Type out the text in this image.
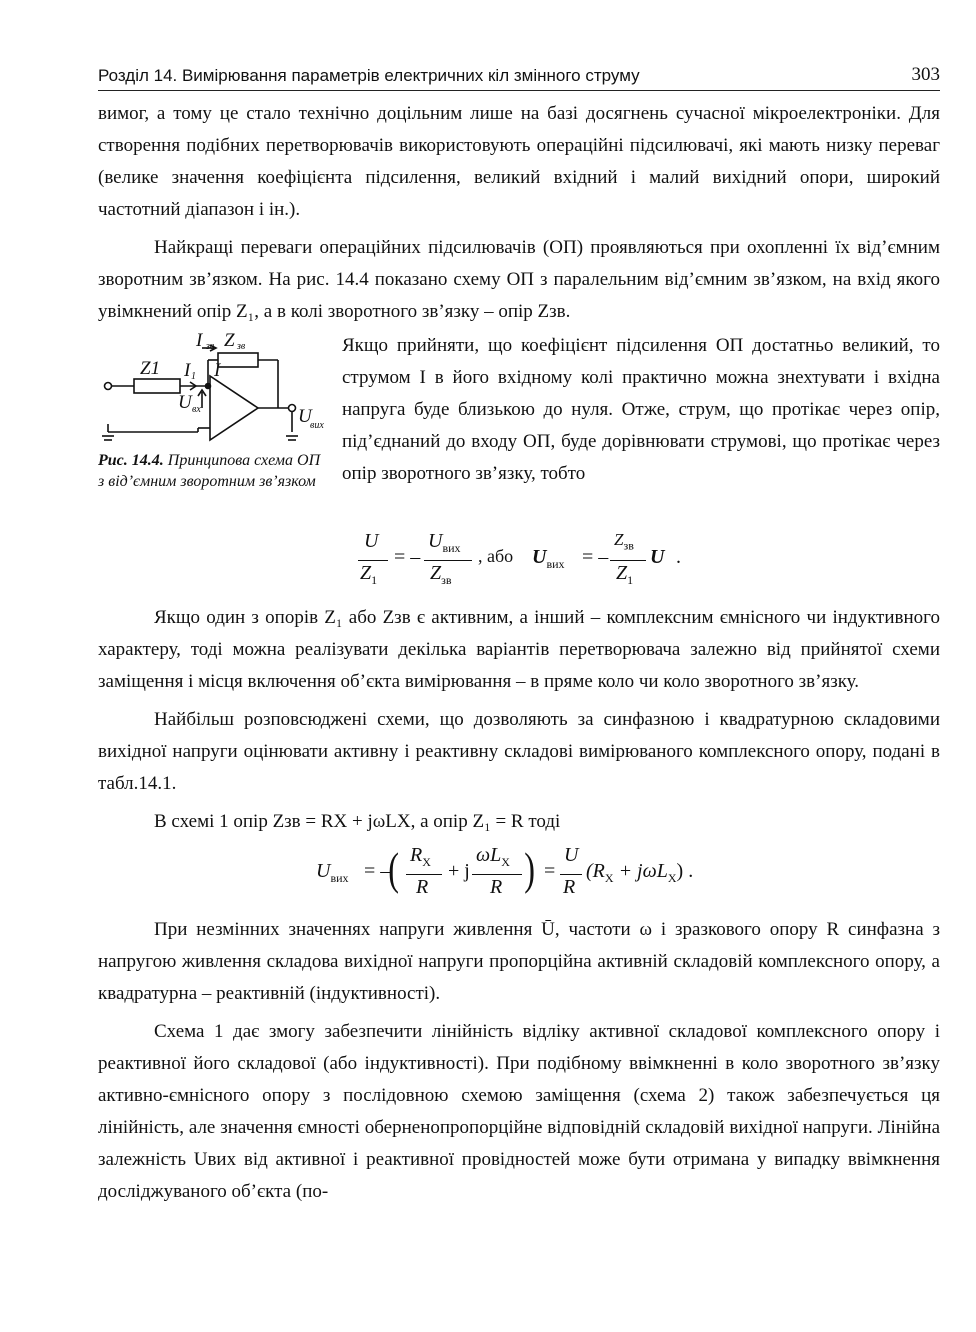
Розділ 14. Вимірювання параметрів електричних кіл змінного струму	303

вимог, а тому це стало технічно доцільним лише на базі досягнень сучасної мікроелектроніки. Для створення подібних перетворювачів використовують операційні підсилювачі, які мають низку переваг (велике значення коефіцієнта підсилення, великий вхідний і малий вихідний опори, широкий частотний діапазон і ін.).

Найкращі переваги операційних підсилювачів (ОП) проявляються при охопленні їх від’ємним зворотним зв’язком. На рис. 14.4 показано схему ОП з паралельним від’ємним зв’язком, на вхід якого увімкнений опір Z₁, а в колі зворотного зв’язку – опір Zзв.

Z1
I зв Z зв
I 1 I
U вх	U
вих
Рис. 14.4. Принципова схема ОП з від’ємним зворотним зв’язком

Якщо прийняти, що коефіцієнт підсилення ОП достатньо великий, то струмом I в його вхідному колі практично можна знехтувати і вхідна напруга буде близькою до нуля. Отже, струм, що протікає через опір, під’єднаний до входу ОП, буде дорівнювати струмові, що протікає через опір зворотного зв’язку, тобто

U
$Z_1$
= –
$U_{вих}$
$Z_{зв}$
, або $U_{вих}$ = –
$Z_{зв}$
$Z_1$
U .

Якщо один з опорів Z₁ або Zзв є активним, а інший – комплексним ємнісного чи індуктивного характеру, тоді можна реалізувати декілька варіантів перетворювача залежно від прийнятої схеми заміщення і місця включення об’єкта вимірювання – в пряме коло чи коло зворотного зв’язку.

Найбільш розповсюджені схеми, що дозволяють за синфазною і квадратурною складовими вихідної напруги оцінювати активну і реактивну складові вимірюваного комплексного опору, подані в табл.14.1.

В схемі 1 опір Zзв = RX + jωLX, а опір Z₁ = R тоді

$U_{вих}$ = –
( $R_X$
R
+ j
$\omega L_X$
R ) =
U
R
$(R_X + j\omega L_X)$ .

При незмінних значеннях напруги живлення Ū, частоти ω і зразкового опору R синфазна з напругою живлення складова вихідної напруги пропорційна активній складовій комплексного опору, а квадратурна – реактивній (індуктивності).

Схема 1 дає змогу забезпечити лінійність відліку активної складової комплексного опору і реактивної його складової (або індуктивності). При подібному ввімкненні в коло зворотного зв’язку активно-ємнісного опору з послідовною схемою заміщення (схема 2) також забезпечується ця лінійність, але значення ємності оберненопропорційне відповідній складовій вихідної напруги. Лінійна залежність Uвих від активної і реактивної провідностей може бути отримана у випадку ввімкнення досліджуваного об’єкта (по-
